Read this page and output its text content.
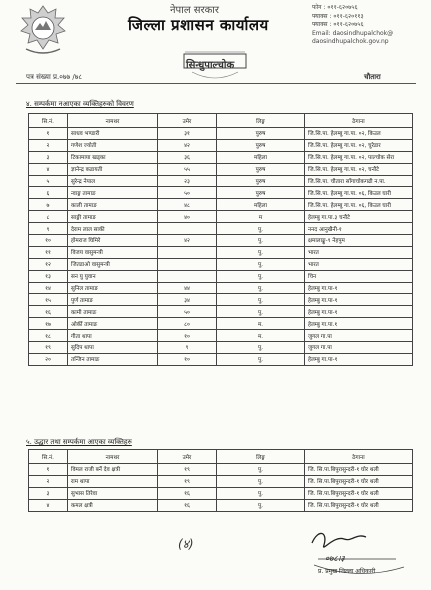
नेपाल सरकार
जिल्ला प्रशासन कार्यालय
फोन : ०११-६२०७५६
फ्याक्स : ०११-६२०११३
फ्याक्स : ०११-६२०७५६
Email: daosindhupalchok@
daosindhupalchok.gov.np
सिन्धुपाल्चोक
पत्र संख्या प्र.०७७ /७८	चौतारा
४. सम्पर्कमा नआएका व्यक्तिहरुको विवरण
सि.नं.	नामथर	उमेर	लिङ्ग	ठेगाना
१	साधव भण्डारी	३१	पुरुष	जि.सि.पा. हेलम्बु गा.पा. ०२, किउल
२	गणेश ज्योती	४२	पुरुष	जि.सि.पा. हेलम्बु गा.पा. ०२, चुरेडार
३	टिकामाया खड्का	३६	महिला	जि.सि.पा. हेलम्बु गा.पा. ०२, पाल्चोक सेरा
४	ज्ञानेन्द्र कडायती	५५	पुरुष	जि.सि.पा. हेलम्बु गा.पा. ०२, चनौटे
५	सुरेन्द्र नेपाल	२३	पुरुष	जि.सि.पा. चौतारा साँगाचोकगढी न.पा.
६	न्वाङ्ग तामाङ	५०	पुरुष	जि.सि.पा. हेलम्बु गा.पा. ०६, किउल घारी
७	काली तामाङ	४८	महिला	जि.सि.पा. हेलम्बु गा.पा. ०६, किउल घारी
८	साङ्गी तामाङ	४०	म	हेलम्बु गा.पा.३ चनौटे
९	देराम लाल साकी		पु.	ननद आनुखैनी-१
१०	होमराज घिमिरे	४२	पु.	क्षमालाङ्कु-९ नेहपुम
११	विजय वासुमन्त्री		पु.	भारत
१२	जितडाओ वासुमन्त्री		पु.	भारत
१३	सन यु युवान		पु.	चिन
१४	सुनिल तामाङ	४४	पु.	हेलम्बु गा.पा-१
१५	पुर्ण तामाङ	३४	पु.	हेलम्बु गा.पा-१
१६	कामी तामाङ	५०	पु.	हेलम्बु गा.पा-१
१७	ओर्की तामाङ	८०	म.	हेलम्बु गा.पा.१
१८	गीता थापा	१०	म.	जुगल गा.पा
१९	सुदिप थापा	९	पु.	जुगल गा.पा
२०	तन्जिन तामाङ	१०	पु.	हेलम्बु गा.पा-१
५. उद्धार तथा सम्पर्कमा आएका व्यक्तिहरु
सि.नं.	नामथर	उमेर	लिङ्ग	ठेगाना
१	विमल राजी बर्ने देव क्षत्री	१९	पु.	जि. सि.पा.बिपुरासुन्दरी-१ घोर थली
२	राम थापा	१९	पु.	जि. सि.पा.बिपुरासुन्दरी-१ घोर थली
३	सुभास तिरेवा	१६	पु.	जि. सि.पा.बिपुरासुन्दरी-१ घोर थली
४	कमल क्षत्री	१६	पु.	जि. सि.पा.बिपुरासुन्दरी-१ घोर थली
(४)
०७८।३
प्र. प्रमुख जिल्ला अधिकारी
